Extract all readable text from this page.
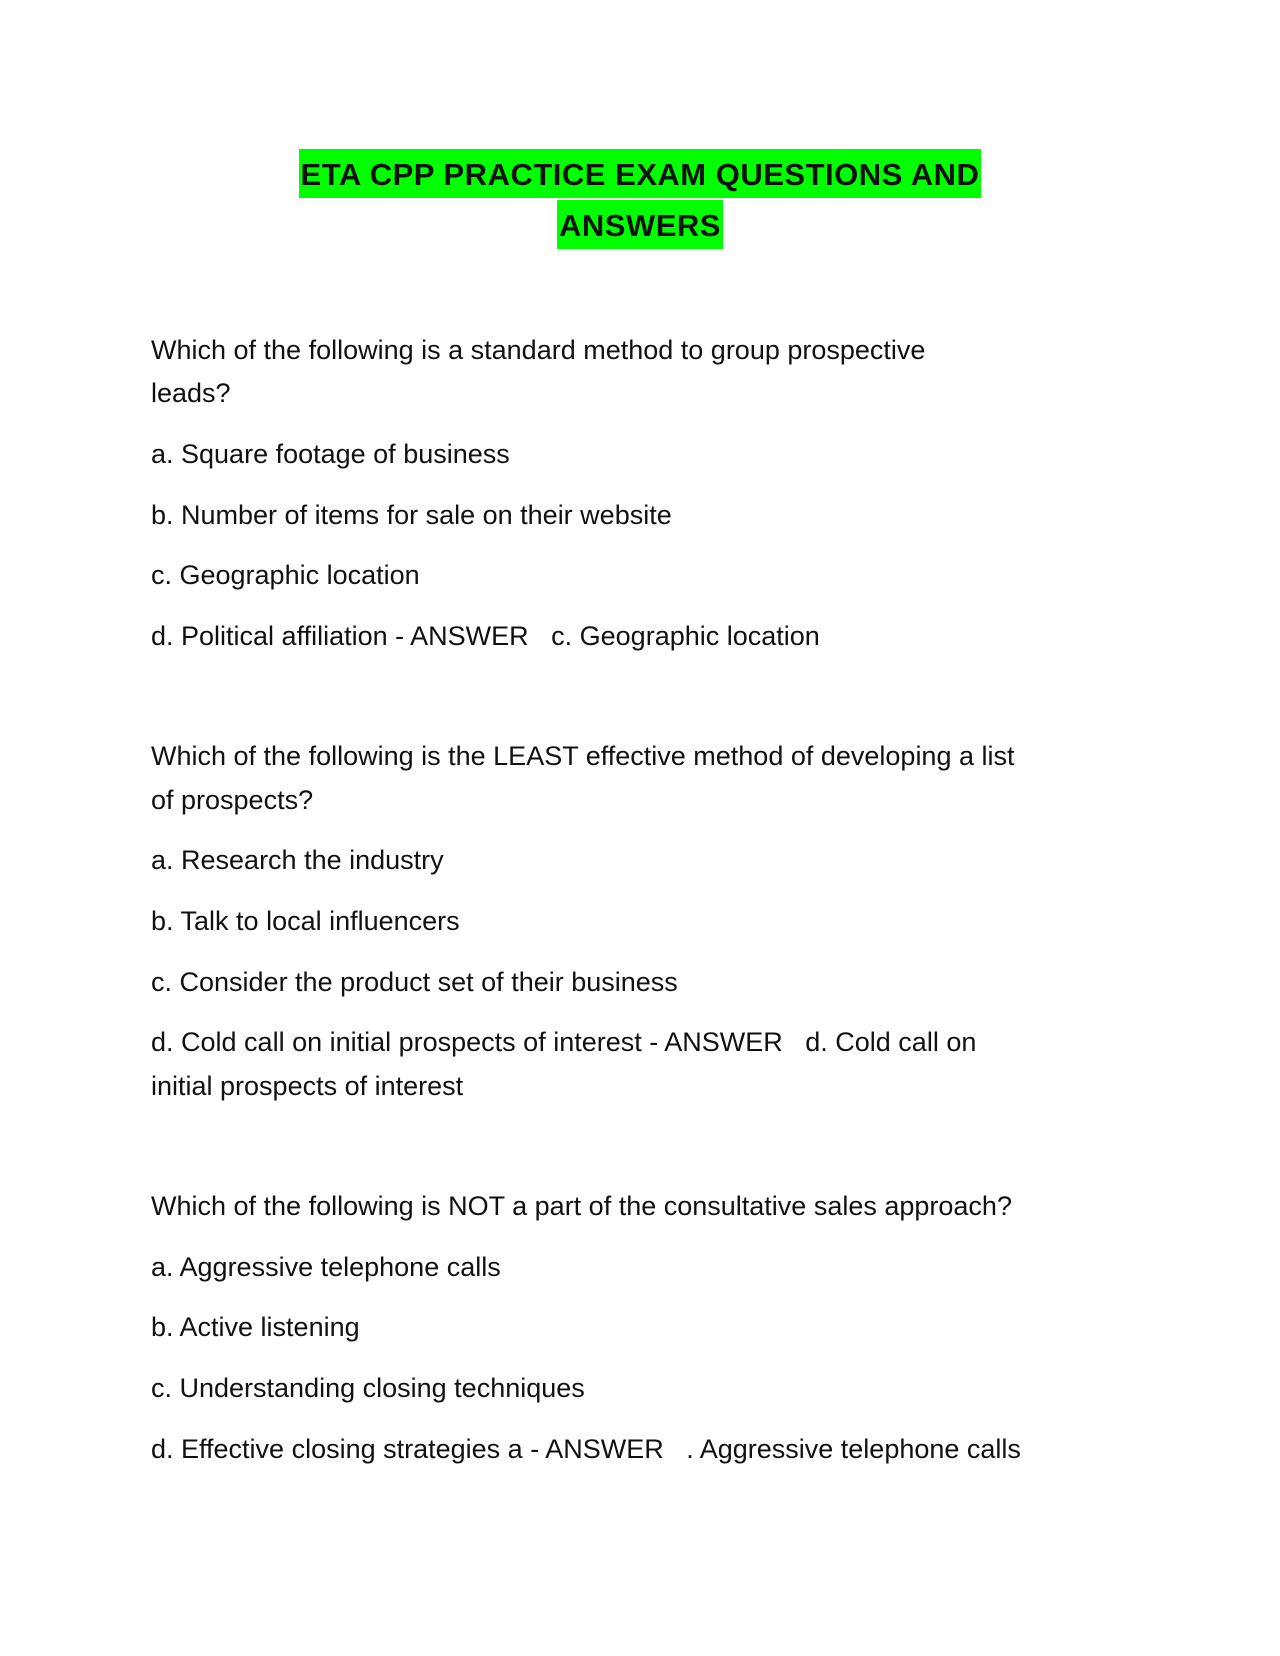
ETA CPP PRACTICE EXAM QUESTIONS AND
ANSWERS
Which of the following is a standard method to group prospective
leads?
a. Square footage of business
b. Number of items for sale on their website
c. Geographic location
d. Political affiliation - ANSWER   c. Geographic location
Which of the following is the LEAST effective method of developing a list
of prospects?
a. Research the industry
b. Talk to local influencers
c. Consider the product set of their business
d. Cold call on initial prospects of interest - ANSWER   d. Cold call on
initial prospects of interest
Which of the following is NOT a part of the consultative sales approach?
a. Aggressive telephone calls
b. Active listening
c. Understanding closing techniques
d. Effective closing strategies a - ANSWER   . Aggressive telephone calls
